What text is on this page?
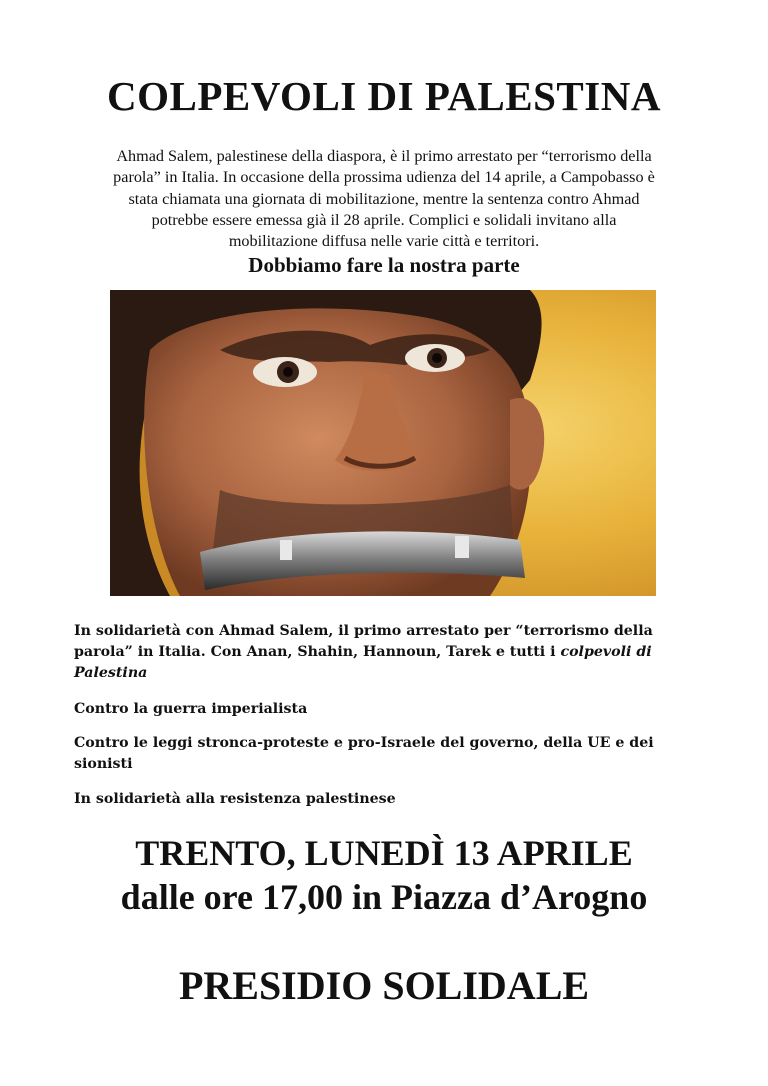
COLPEVOLI DI PALESTINA

Ahmad Salem, palestinese della diaspora, è il primo arrestato per “terrorismo della
parola” in Italia. In occasione della prossima udienza del 14 aprile, a Campobasso è
stata chiamata una giornata di mobilitazione, mentre la sentenza contro Ahmad
potrebbe essere emessa già il 28 aprile. Complici e solidali invitano alla
mobilitazione diffusa nelle varie città e territori.

Dobbiamo fare la nostra parte

In solidarietà con Ahmad Salem, il primo arrestato per “terrorismo della
parola” in Italia. Con Anan, Shahin, Hannoun, Tarek e tutti i colpevoli di
Palestina

Contro la guerra imperialista

Contro le leggi stronca-proteste e pro-Israele del governo, della UE e dei
sionisti

In solidarietà alla resistenza palestinese

TRENTO, LUNEDÌ 13 APRILE

dalle ore 17,00 in Piazza d’Arogno

PRESIDIO SOLIDALE
